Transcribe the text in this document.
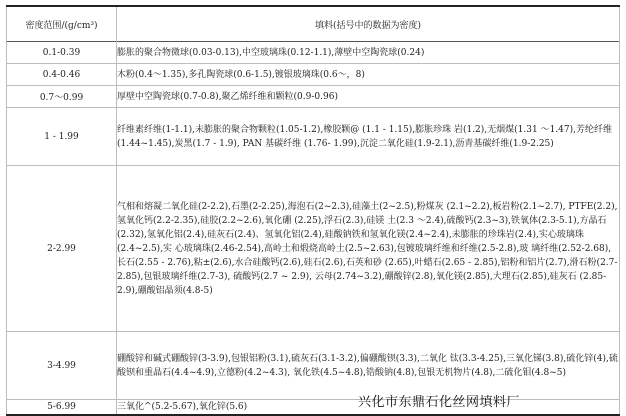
密度范围/(g/cm³)	填料(括号中的数据为密度)
0.1-0.39	膨胀的聚合物微球(0.03-0.13),中空玻璃珠(0.12-1.1),薄壁中空陶瓷球(0.24)
0.4-0.46	木粉(0.4～1.35),多孔陶瓷球(0.6-1.5),镀银玻璃珠(0.6～，8)
0.7～0.99	厚壁中空陶瓷球(0.7-0.8),聚乙烯纤维和颗粒(0.9-0.96)
1 - 1.99	纤维素纤维(1-1.1),未膨胀的聚合物颗粒(1.05-1.2),橡胶颗@ (1.1 - 1.15),膨胀珍珠 岩(1.2),无烟煤(1.31 ～1.47),芳纶纤维(1.44~1.45),炭黑(1.7 - 1.9), PAN 基碳纤维 (1.76- 1.99),沉淀二氧化硅(1.9-2.1),沥青基碳纤维(1.9-2.25)
2-2.99	气相和熔凝二氧化硅(2-2.2),石墨(2-2.25),海泡石(2~2.3),硅藻土(2~2.5),粉煤灰 (2.1~2.2),板岩粉(2.1~2.7), PTFE(2.2),氢氧化钙(2.2-2.35),硅胶(2.2~2.6),氧化硼 (2.25),浮石(2.3),硅镁 土(2.3 ～2.4),硫酸钙(2.3~3),铁氧体(2.3-5.1),方晶石(2.32),氢氧化铝(2.4),硅灰石(2.4)、氢氧化铝(2.4),硅酸钠铁和氢氧化镁(2.4~2.4),未膨胀的珍珠岩(2.4),实心玻璃珠(2.4~2.5),实 心玻璃珠(2.46-2.54),高岭土和煅烧高岭土(2.5~2.63),包镀玻璃纤维和纤维(2.5-2.8),玻 璃纤维(2.52-2.68),长石(2.55 - 2.76),粘±(2.6),水合硅酸钙(2.6),硅石(2.6),石英和砂 (2.65),叶蜡石(2.65 - 2.85),铝粉和铝片(2.7),滑石粉(2.7-2.85),包银玻璃纤维(2.7-3), 硫酸钙(2.7 ~ 2.9), 云母(2.74~3.2),硼酸锌(2.8),氧化镁(2.85),大理石(2.85),硅灰石 (2.85-2.9),硼酸铝晶须(4.8-5)
3-4.99	硼酸锌和碱式硼酸锌(3-3.9),包银铝粉(3.1),硫灰石(3.1-3.2),偏硼酸钡(3.3),二氧化 钛(3.3-4.25),三氧化锑(3.8),硫化锌(4),硫酸钡和重晶石(4.4~4.9),立德粉(4.2~4.3), 氧化铁(4.5~4.8),锆酸钠(4.8),包银无机物片(4.8),二硫化钼(4.8~5)
5-6.99	三氧化^(5.2-5.67),氧化锌(5.6)	兴化市东鼎石化丝网填料厂
